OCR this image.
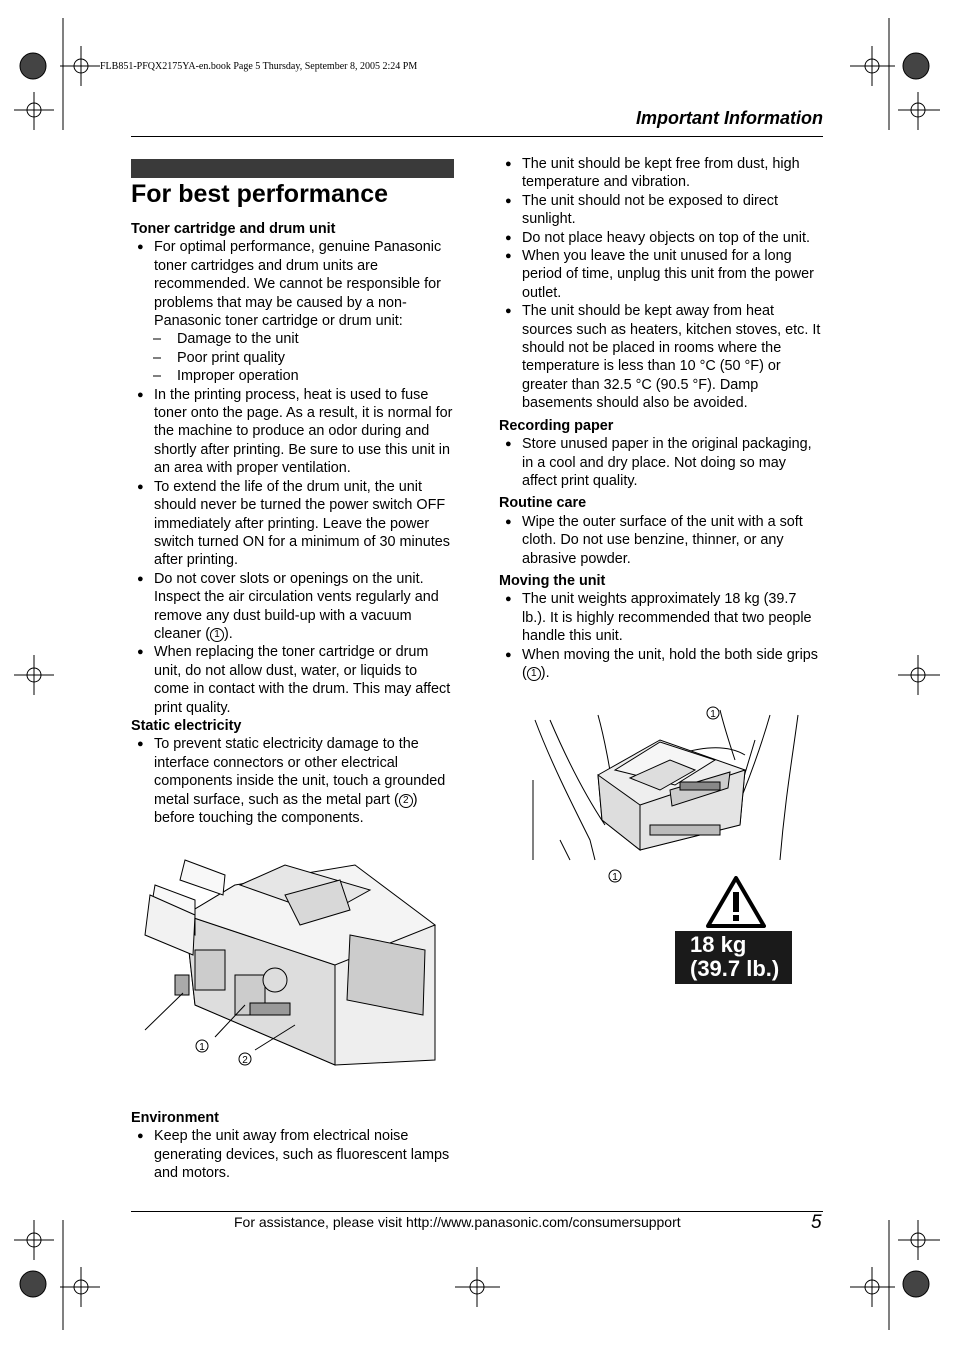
FLB851-PFQX2175YA-en.book Page 5 Thursday, September 8, 2005 2:24 PM
Important Information
For best performance
Toner cartridge and drum unit
● For optimal performance, genuine Panasonic toner cartridges and drum units are recommended. We cannot be responsible for problems that may be caused by a non-Panasonic toner cartridge or drum unit:
– Damage to the unit
– Poor print quality
– Improper operation
● In the printing process, heat is used to fuse toner onto the page. As a result, it is normal for the machine to produce an odor during and shortly after printing. Be sure to use this unit in an area with proper ventilation.
● To extend the life of the drum unit, the unit should never be turned the power switch OFF immediately after printing. Leave the power switch turned ON for a minimum of 30 minutes after printing.
● Do not cover slots or openings on the unit. Inspect the air circulation vents regularly and remove any dust build-up with a vacuum cleaner ( 1 ).
● When replacing the toner cartridge or drum unit, do not allow dust, water, or liquids to come in contact with the drum. This may affect print quality.
Static electricity
● To prevent static electricity damage to the interface connectors or other electrical components inside the unit, touch a grounded metal surface, such as the metal part ( 2 ) before touching the components.
1
2
Environment
● Keep the unit away from electrical noise generating devices, such as fluorescent lamps and motors.
● The unit should be kept free from dust, high temperature and vibration.
● The unit should not be exposed to direct sunlight.
● Do not place heavy objects on top of the unit.
● When you leave the unit unused for a long period of time, unplug this unit from the power outlet.
● The unit should be kept away from heat sources such as heaters, kitchen stoves, etc. It should not be placed in rooms where the temperature is less than 10 °C (50 °F) or greater than 32.5 °C (90.5 °F). Damp basements should also be avoided.
Recording paper
● Store unused paper in the original packaging, in a cool and dry place. Not doing so may affect print quality.
Routine care
● Wipe the outer surface of the unit with a soft cloth. Do not use benzine, thinner, or any abrasive powder.
Moving the unit
● The unit weights approximately 18 kg (39.7 lb.). It is highly recommended that two people handle this unit.
● When moving the unit, hold the both side grips ( 1 ).
1
1
18 kg
(39.7 lb.)
For assistance, please visit http://www.panasonic.com/consumersupport	5
